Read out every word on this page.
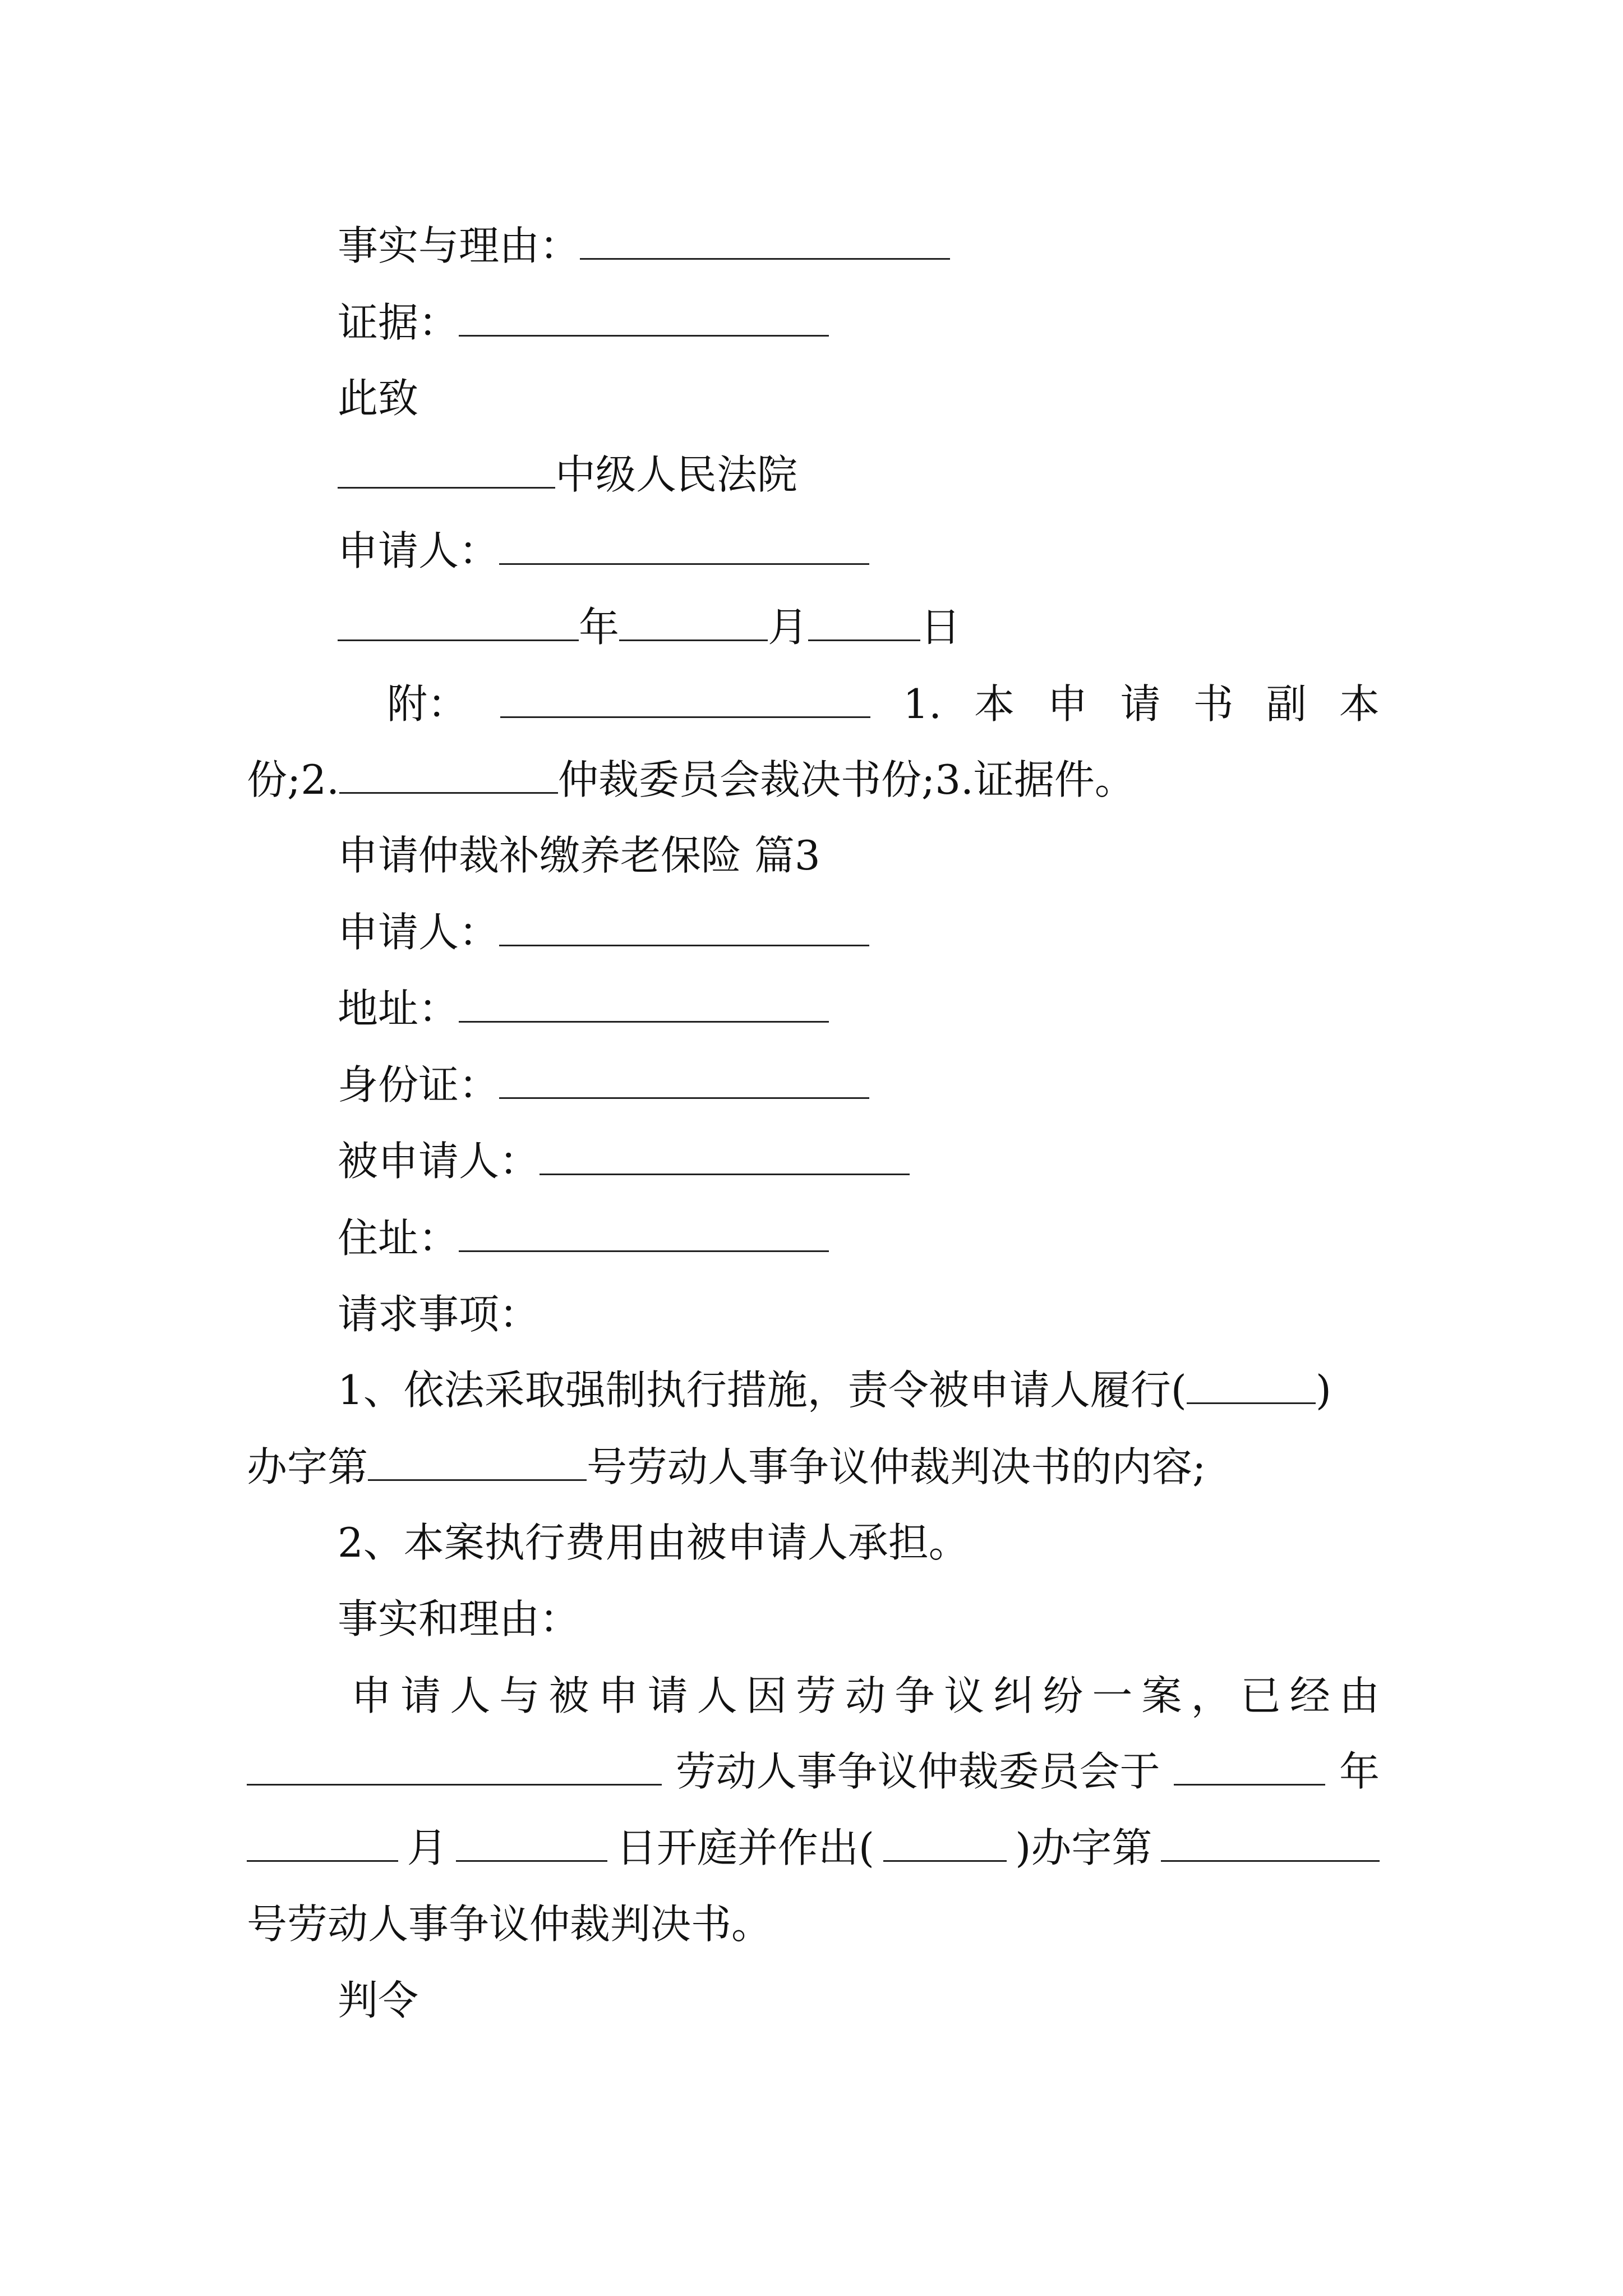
事实与理由：
证据：
此致
中级人民法院
申请人：
年	月	日
附：	1. 本 申 请 书 副 本
份;2.	仲裁委员会裁决书份;3.证据件。
申请仲裁补缴养老保险 篇3
申请人：
地址：
身份证：
被申请人：
住址：
请求事项：
1、依法采取强制执行措施，责令被申请人履行(	)
办字第	号劳动人事争议仲裁判决书的内容;
2、本案执行费用由被申请人承担。
事实和理由：
申 请 人 与 被 申 请 人 因 劳 动 争 议 纠 纷 一 案 ， 已 经 由
劳动人事争议仲裁委员会于	年
月	日开庭并作出(	)办字第
号劳动人事争议仲裁判决书。
判令
